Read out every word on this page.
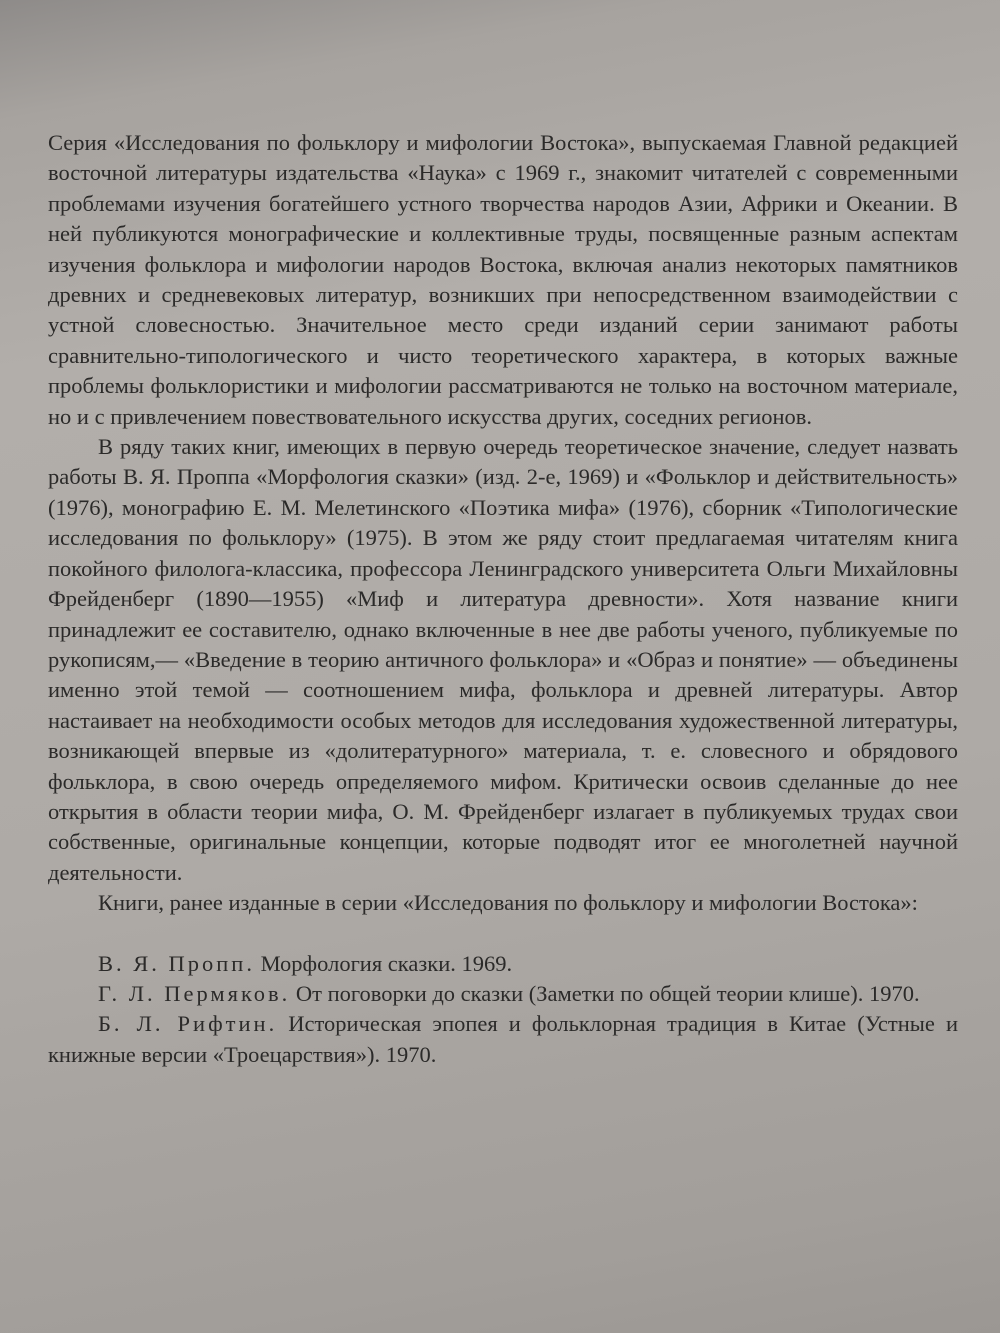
Серия «Исследования по фольклору и мифологии Востока», выпускаемая Главной редакцией восточной литературы издательства «Наука» с 1969 г., знакомит читателей с современными проблемами изучения богатейшего устного творчества народов Азии, Африки и Океании. В ней публикуются монографические и коллективные труды, посвященные разным аспектам изучения фольклора и мифологии народов Востока, включая анализ некоторых памятников древних и средневековых литератур, возникших при непосредственном взаимодействии с устной словесностью. Значительное место среди изданий серии занимают работы сравнительно-типологического и чисто теоретического характера, в которых важные проблемы фольклористики и мифологии рассматриваются не только на восточном материале, но и с привлечением повествовательного искусства других, соседних регионов.

В ряду таких книг, имеющих в первую очередь теоретическое значение, следует назвать работы В. Я. Проппа «Морфология сказки» (изд. 2-е, 1969) и «Фольклор и действительность» (1976), монографию Е. М. Мелетинского «Поэтика мифа» (1976), сборник «Типологические исследования по фольклору» (1975). В этом же ряду стоит предлагаемая читателям книга покойного филолога-классика, профессора Ленинградского университета Ольги Михайловны Фрейденберг (1890—1955) «Миф и литература древности». Хотя название книги принадлежит ее составителю, однако включенные в нее две работы ученого, публикуемые по рукописям,— «Введение в теорию античного фольклора» и «Образ и понятие» — объединены именно этой темой — соотношением мифа, фольклора и древней литературы. Автор настаивает на необходимости особых методов для исследования художественной литературы, возникающей впервые из «долитературного» материала, т. е. словесного и обрядового фольклора, в свою очередь определяемого мифом. Критически освоив сделанные до нее открытия в области теории мифа, О. М. Фрейденберг излагает в публикуемых трудах свои собственные, оригинальные концепции, которые подводят итог ее многолетней научной деятельности.

Книги, ранее изданные в серии «Исследования по фольклору и мифологии Востока»:

В. Я. Пропп. Морфология сказки. 1969.

Г. Л. Пермяков. От поговорки до сказки (Заметки по общей теории клише). 1970.

Б. Л. Рифтин. Историческая эпопея и фольклорная традиция в Китае (Устные и книжные версии «Троецарствия»). 1970.
